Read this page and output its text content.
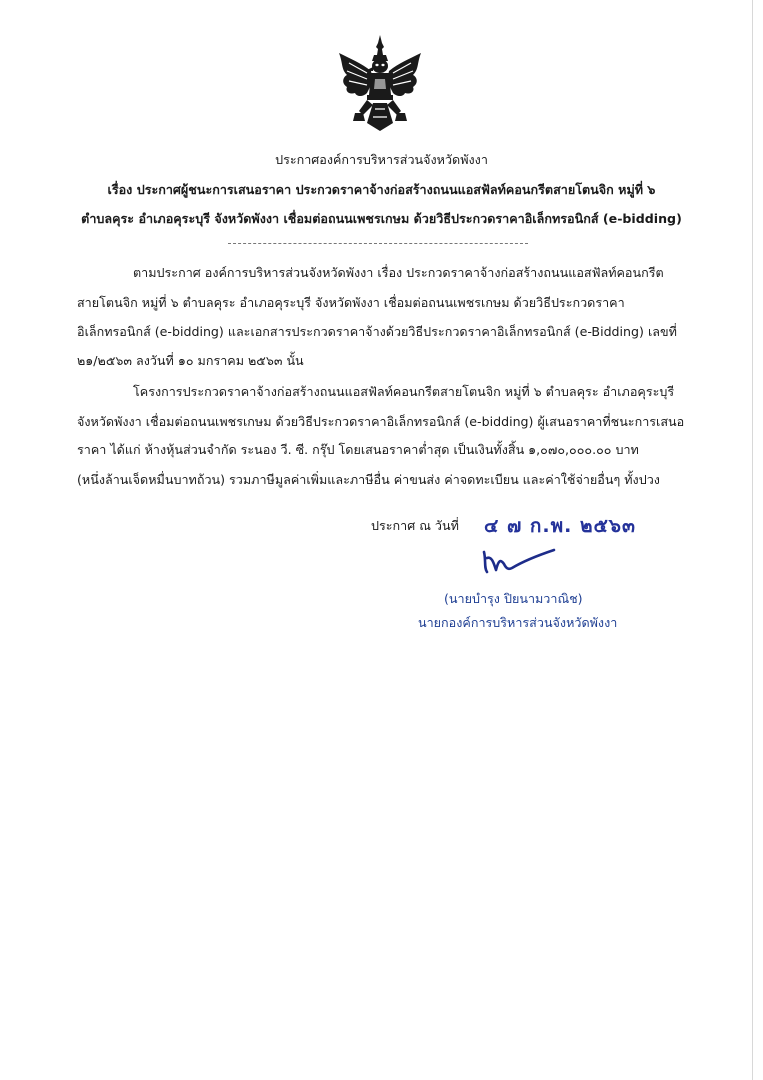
ประกาศองค์การบริหารส่วนจังหวัดพังงา
เรื่อง ประกาศผู้ชนะการเสนอราคา ประกวดราคาจ้างก่อสร้างถนนแอสฟัลท์คอนกรีตสายโตนจิก หมู่ที่ ๖
ตำบลคุระ อำเภอคุระบุรี จังหวัดพังงา เชื่อมต่อถนนเพชรเกษม ด้วยวิธีประกวดราคาอิเล็กทรอนิกส์ (e-bidding)
ตามประกาศ องค์การบริหารส่วนจังหวัดพังงา เรื่อง ประกวดราคาจ้างก่อสร้างถนนแอสฟัลท์คอนกรีต
สายโตนจิก หมู่ที่ ๖ ตำบลคุระ อำเภอคุระบุรี จังหวัดพังงา เชื่อมต่อถนนเพชรเกษม ด้วยวิธีประกวดราคา
อิเล็กทรอนิกส์ (e-bidding) และเอกสารประกวดราคาจ้างด้วยวิธีประกวดราคาอิเล็กทรอนิกส์ (e-Bidding) เลขที่
๒๑/๒๕๖๓ ลงวันที่ ๑๐ มกราคม ๒๕๖๓ นั้น
โครงการประกวดราคาจ้างก่อสร้างถนนแอสฟัลท์คอนกรีตสายโตนจิก หมู่ที่ ๖ ตำบลคุระ อำเภอคุระบุรี
จังหวัดพังงา เชื่อมต่อถนนเพชรเกษม ด้วยวิธีประกวดราคาอิเล็กทรอนิกส์ (e-bidding) ผู้เสนอราคาที่ชนะการเสนอ
ราคา ได้แก่ ห้างหุ้นส่วนจำกัด ระนอง วี. ซี. กรุ๊ป โดยเสนอราคาต่ำสุด เป็นเงินทั้งสิ้น ๑,๐๗๐,๐๐๐.๐๐ บาท
(หนึ่งล้านเจ็ดหมื่นบาทถ้วน) รวมภาษีมูลค่าเพิ่มและภาษีอื่น ค่าขนส่ง ค่าจดทะเบียน และค่าใช้จ่ายอื่นๆ ทั้งปวง
ประกาศ ณ วันที่ ๔ ๗ ก.พ. ๒๕๖๓
(นายบำรุง ปิยนามวาณิช)
นายกองค์การบริหารส่วนจังหวัดพังงา
